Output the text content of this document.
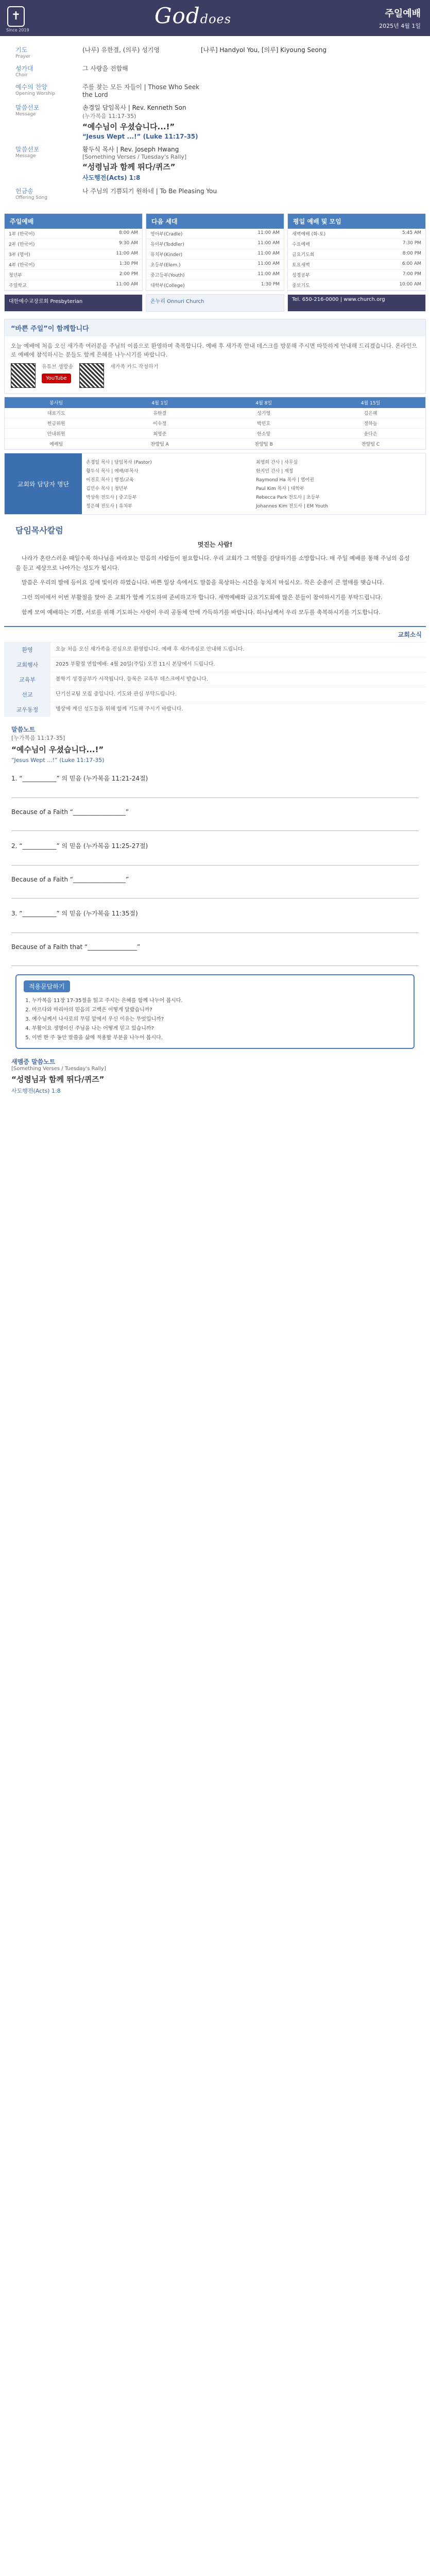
✝
Since 2019
Goddoes	주일예배
2025년 4월 1일
기도
Prayer
(나루) 유한결, (의루) 성기영	[나루] Handyol You, [의루] Kiyoung Seong
성가대
Choir
그 사랑을 전합해
예수의 찬양
Opening Worship
주를 찾는 모든 자들이 | Those Who Seek the Lord
말씀선포
Message
손경일 담임목사 | Rev. Kenneth Son
(누가복음 11:17-35)
“예수님이 우셨습니다...!”
“Jesus Wept ...!” (Luke 11:17-35)
말씀선포
Message
황두식 목사 | Rev. Joseph Hwang
[Something Verses / Tuesday's Rally]
“성령님과 함께 뛰다/퀴즈”
사도행전(Acts) 1:8
헌금송
Offering Song
나 주님의 기쁨되기 원하네 | To Be Pleasing You
주일예배
1부 (한국어)	8:00 AM
2부 (한국어)	9:30 AM
3부 (영어)	11:00 AM
4부 (한국어)	1:30 PM
청년부	2:00 PM
주일학교	11:00 AM
다음 세대
영아부(Cradle)	11:00 AM
유아부(Toddler)	11:00 AM
유치부(Kinder)	11:00 AM
초등부(Elem.)	11:00 AM
중고등부(Youth)	11:00 AM
대학부(College)	1:30 PM
평일 예배 및 모임
새벽예배 (화-토)	5:45 AM
수요예배	7:30 PM
금요기도회	8:00 PM
토요새벽	6:00 AM
성경공부	7:00 PM
중보기도	10:00 AM
대한예수교장로회 Presbyterian	온누리 Onnuri Church	Tel. 650-216-0000 | www.church.org
“바쁜 주일”이 함께합니다
오늘 예배에 처음 오신 새가족 여러분을 주님의 이름으로 환영하며 축복합니다. 예배 후 새가족 안내 데스크를 방문해 주시면 따뜻하게 안내해 드리겠습니다. 온라인으로 예배에 참석하시는 분들도 함께 은혜를 나누시기를 바랍니다.
유튜브 생방송
YouTube
새가족 카드 작성하기
봉사팀	4월 1일	4월 8일	4월 15일
대표기도	유한결	성기영	김은혜
헌금위원	이수정	박민호	정하늘
안내위원	최영준	한소망	윤다은
예배팀	찬양팀 A	찬양팀 B	찬양팀 C
교회와 담당자 명단
손경일 목사 | 담임목사 (Pastor)
황두식 목사 | 예배/부목사
이진호 목사 | 행정/교육
김민수 목사 | 청년부
박상욱 전도사 | 중고등부
정은혜 전도사 | 유치부
최영희 간사 | 사무실
한지민 간사 | 재정
Raymond Ha 목사 | 영어권
Paul Kim 목사 | 대학부
Rebecca Park 전도사 | 초등부
Johannes Kim 전도사 | EM Youth
담임목사칼럼
멋진는 사람!

나라가 혼란스러운 때일수록 하나님을 바라보는 믿음의 사람들이 필요합니다. 우리 교회가 그 역할을 감당하기를 소망합니다. 매 주일 예배를 통해 주님의 음성을 듣고 세상으로 나아가는 성도가 됩시다.

말씀은 우리의 발에 등이요 길에 빛이라 하였습니다. 바쁜 일상 속에서도 말씀을 묵상하는 시간을 놓치지 마십시오. 작은 순종이 큰 열매를 맺습니다.

그런 의미에서 이번 부활절을 맞아 온 교회가 함께 기도하며 준비하고자 합니다. 새벽예배와 금요기도회에 많은 분들이 참여하시기를 부탁드립니다.

함께 모여 예배하는 기쁨, 서로를 위해 기도하는 사랑이 우리 공동체 안에 가득하기를 바랍니다. 하나님께서 우리 모두를 축복하시기를 기도합니다.

교회소식
환영	오늘 처음 오신 새가족을 진심으로 환영합니다. 예배 후 새가족실로 안내해 드립니다.
교회행사	2025 부활절 연합예배: 4월 20일(주일) 오전 11시 본당에서 드립니다.
교육부	봄학기 성경공부가 시작됩니다. 등록은 교육부 데스크에서 받습니다.
선교	단기선교팀 모집 중입니다. 기도와 관심 부탁드립니다.
교우동정	병상에 계신 성도들을 위해 함께 기도해 주시기 바랍니다.
말씀노트
[누가복음 11:17-35]
“예수님이 우셨습니다...!”
“Jesus Wept ...!” (Luke 11:17-35)
1. “___________” 의 믿음 (누가복음 11:21-24절)
Because of a Faith “_________________”
2. “___________” 의 믿음 (누가복음 11:25-27절)
Because of a Faith “_________________”
3. “___________” 의 믿음 (누가복음 11:35절)
Because of a Faith that “________________”
적용문답하기
1. 누가복음 11장 17-35절을 읽고 주시는 은혜를 함께 나누어 봅시다.
2. 마르다와 마리아의 믿음의 고백은 어떻게 달랐습니까?
3. 예수님께서 나사로의 무덤 앞에서 우신 이유는 무엇입니까?
4. 부활이요 생명이신 주님을 나는 어떻게 믿고 있습니까?
5. 이번 한 주 동안 말씀을 삶에 적용할 부분을 나누어 봅시다.
새멤증 말씀노트
[Something Verses / Tuesday's Rally]
“성령님과 함께 뛰다/퀴즈”
사도행전(Acts) 1:8
